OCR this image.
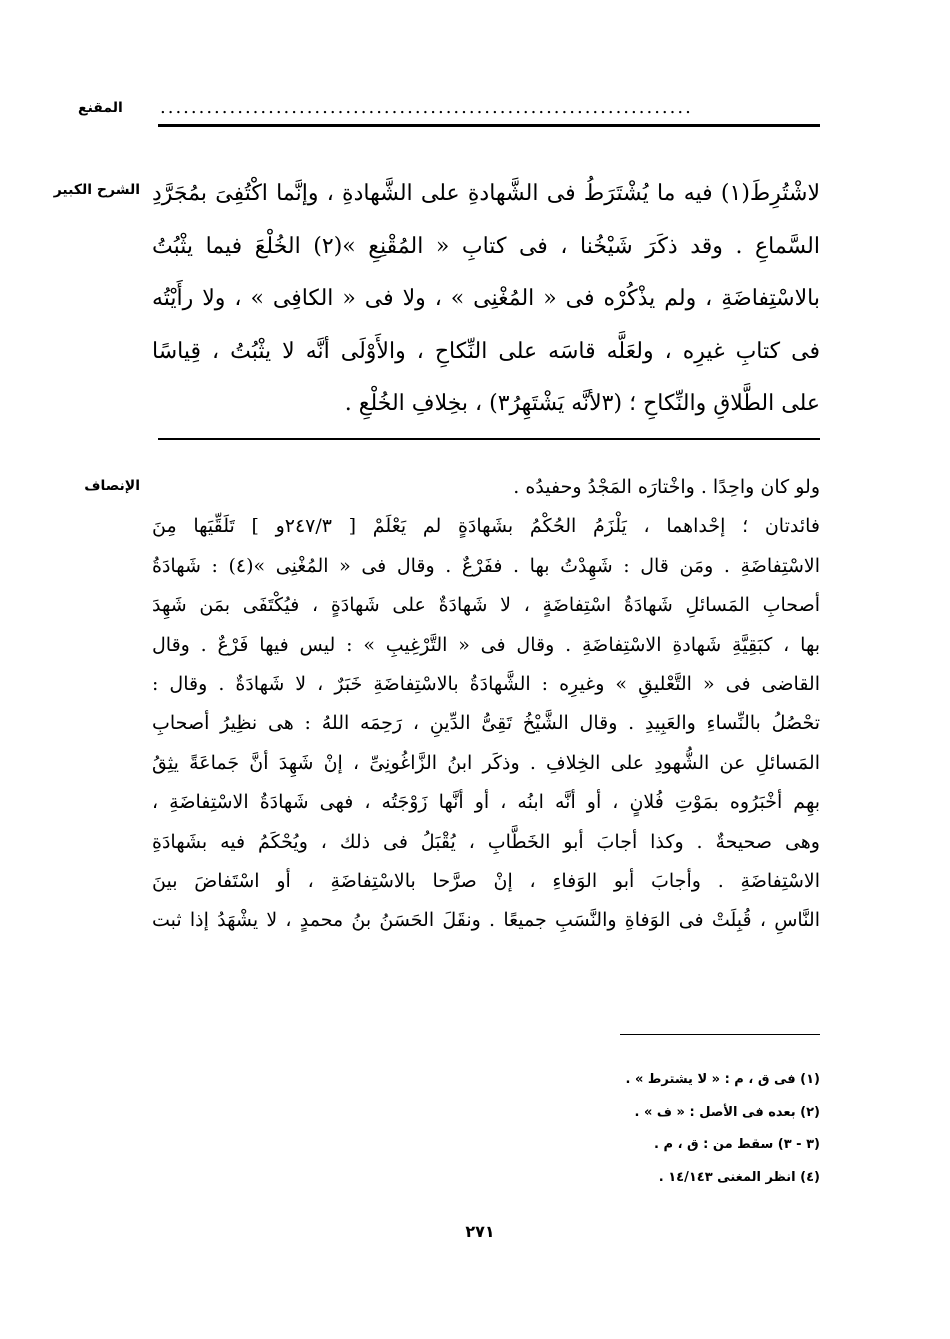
المقنع	.....................................................................
الشرح الكبير لاشْتُرِطَ(١) فيه ما يُشْتَرَطُ فى الشَّهادةِ على الشَّهادةِ ، وإنَّما اكْتُفِىَ بمُجَرَّدِ
السَّماعِ . وقد ذكَرَ شَيْخُنا ، فى كتابِ « المُقْنِعِ »(٢) الخُلْعَ فيما يثْبُتُ
بالاسْتِفاضَةِ ، ولم يذْكُرْه فى « المُغْنِى » ، ولا فى « الكافِى » ، ولا رأَيْتُه
فى كتابِ غيرِه ، ولعَلَّه قاسَه على النِّكاحِ ، والأَوْلَى أنَّه لا يثْبُتُ ، قِياسًا
على الطَّلاقِ والنِّكاحِ ؛ (٣لأنَّه يَشْتَهِرُ٣) ، بخِلافِ الخُلْعِ .
الإنصاف	ولو كان واحِدًا . واخْتارَه المَجْدُ وحفيدُه .
فائدتان ؛ إحْداهما ، يَلْزَمُ الحُكْمُ بشَهادَةٍ لم يَعْلَمْ [ ٢٤٧/٣و ] تَلَقِّيَها مِنَ
الاسْتِفاضَةِ . ومَن قال : شَهِدْتُ بها . ففَرْعٌ . وقال فى « المُغْنِى »(٤) : شَهادَةُ
أصحابِ المَسائلِ شَهادَةُ اسْتِفاضَةٍ ، لا شَهادَةٌ على شَهادَةٍ ، فيُكْتَفَى بمَن شَهِدَ
بها ، كبَقِيَّةِ شَهادةِ الاسْتِفاضَةِ . وقال فى « التَّرْغِيبِ » : ليس فيها فَرْعٌ . وقال
القاضى فى « التَّعْليقِ » وغيرِه : الشَّهادَةُ بالاسْتِفاضَةِ خَبَرٌ ، لا شَهادَةٌ . وقال :
تحْصُلُ بالنِّساءِ والعَبِيدِ . وقال الشَّيْخُ تَقِىُّ الدِّينِ ، رَحِمَه اللهُ : هى نظِيرُ أصحابِ
المَسائلِ عن الشُّهودِ على الخِلافِ . وذكَر ابنُ الزَّاغُونِىِّ ، إنْ شَهِدَ أنَّ جَماعَةً يثِقُ
بهِم أخْبَرُوه بمَوْتِ فُلانٍ ، أو أنَّه ابنُه ، أو أنَّها زَوْجَتُه ، فهى شَهادَةُ الاسْتِفاضَةِ ،
وهى صحيحةٌ . وكذا أجابَ أبو الخَطَّابِ ، يُقْبَلُ فى ذلك ، ويُحْكَمُ فيه بشَهادَةِ
الاسْتِفاضَةِ . وأجابَ أبو الوَفاءِ ، إنْ صرَّحا بالاسْتِفاضَةِ ، أو اسْتَفاضَ بينَ
النَّاسِ ، قُبِلَتْ فى الوَفاةِ والنَّسَبِ جميعًا . ونقَلَ الحَسَنُ بنُ محمدٍ ، لا يشْهَدُ إذا ثبت
(١) فى ق ، م : « لا يشترط » .
(٢) بعده فى الأصل : « ف » .
(٣ - ٣) سقط من : ق ، م .
(٤) انظر المغنى ١٤/١٤٣ .
٢٧١
